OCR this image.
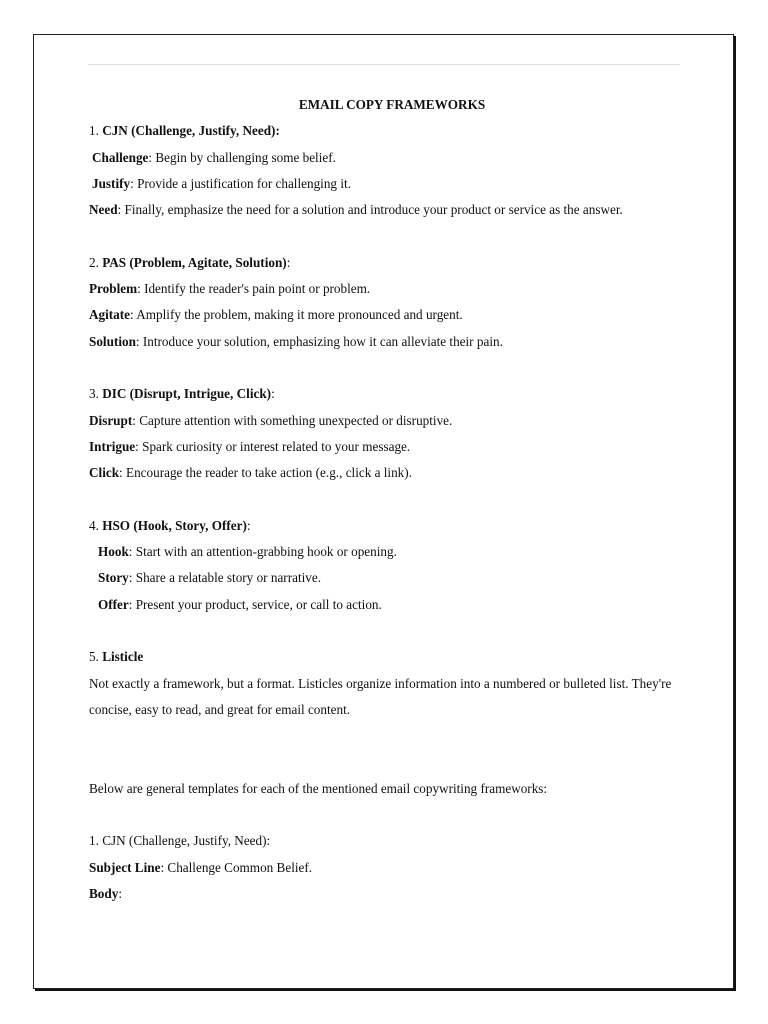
EMAIL COPY FRAMEWORKS

1. CJN (Challenge, Justify, Need):

Challenge: Begin by challenging some belief.

Justify: Provide a justification for challenging it.

Need: Finally, emphasize the need for a solution and introduce your product or service as the answer.

2. PAS (Problem, Agitate, Solution):

Problem: Identify the reader's pain point or problem.

Agitate: Amplify the problem, making it more pronounced and urgent.

Solution: Introduce your solution, emphasizing how it can alleviate their pain.

3. DIC (Disrupt, Intrigue, Click):

Disrupt: Capture attention with something unexpected or disruptive.

Intrigue: Spark curiosity or interest related to your message.

Click: Encourage the reader to take action (e.g., click a link).

4. HSO (Hook, Story, Offer):

Hook: Start with an attention-grabbing hook or opening.

Story: Share a relatable story or narrative.

Offer: Present your product, service, or call to action.

5. Listicle

Not exactly a framework, but a format. Listicles organize information into a numbered or bulleted list. They're concise, easy to read, and great for email content.

Below are general templates for each of the mentioned email copywriting frameworks:

1. CJN (Challenge, Justify, Need):

Subject Line: Challenge Common Belief.

Body:
